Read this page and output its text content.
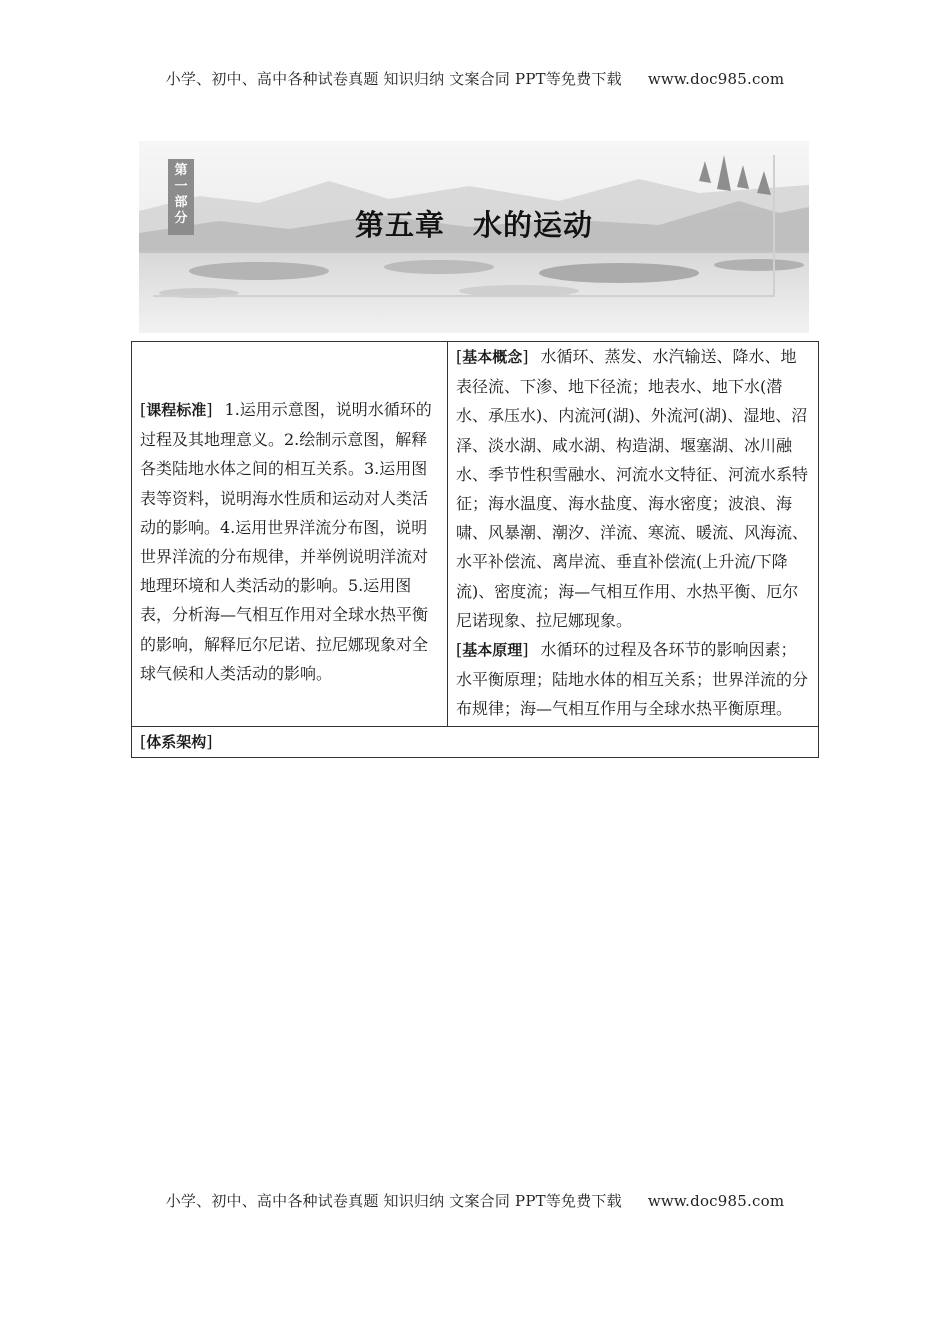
小学、初中、高中各种试卷真题 知识归纳 文案合同 PPT等免费下载 www.doc985.com
第
一
部
分	第五章 水的运动
[课程标准] 1.运用示意图，说明水循环的过程及其地理意义。2.绘制示意图，解释各类陆地水体之间的相互关系。3.运用图表等资料，说明海水性质和运动对人类活动的影响。4.运用世界洋流分布图，说明世界洋流的分布规律，并举例说明洋流对地理环境和人类活动的影响。5.运用图表，分析海—气相互作用对全球水热平衡的影响，解释厄尔尼诺、拉尼娜现象对全球气候和人类活动的影响。

[基本概念] 水循环、蒸发、水汽输送、降水、地表径流、下渗、地下径流；地表水、地下水(潜水、承压水)、内流河(湖)、外流河(湖)、湿地、沼泽、淡水湖、咸水湖、构造湖、堰塞湖、冰川融水、季节性积雪融水、河流水文特征、河流水系特征；海水温度、海水盐度、海水密度；波浪、海啸、风暴潮、潮汐、洋流、寒流、暖流、风海流、水平补偿流、离岸流、垂直补偿流(上升流/下降流)、密度流；海—气相互作用、水热平衡、厄尔尼诺现象、拉尼娜现象。
[基本原理] 水循环的过程及各环节的影响因素；水平衡原理；陆地水体的相互关系；世界洋流的分布规律；海—气相互作用与全球水热平衡原理。

[体系架构]
小学、初中、高中各种试卷真题 知识归纳 文案合同 PPT等免费下载 www.doc985.com
